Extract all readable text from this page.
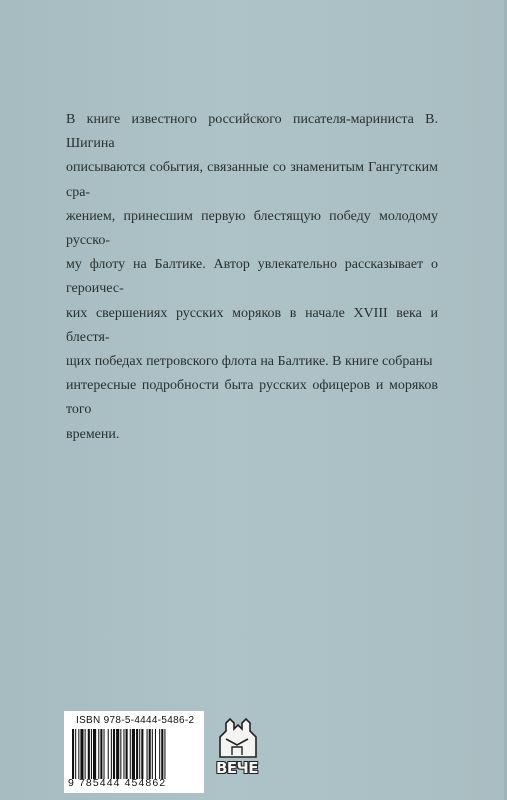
В книге известного российского писателя-мариниста В. Шигина

описываются события, связанные со знаменитым Гангутским сра-

жением, принесшим первую блестящую победу молодому русско-

му флоту на Балтике. Автор увлекательно рассказывает о героичес-

ких свершениях русских моряков в начале XVIII века и блестя-

щих победах петровского флота на Балтике. В книге собраны

интересные подробности быта русских офицеров и моряков того

времени.

ISBN 978-5-4444-5486-2
9 785444 454862
ВЕЧЕ
